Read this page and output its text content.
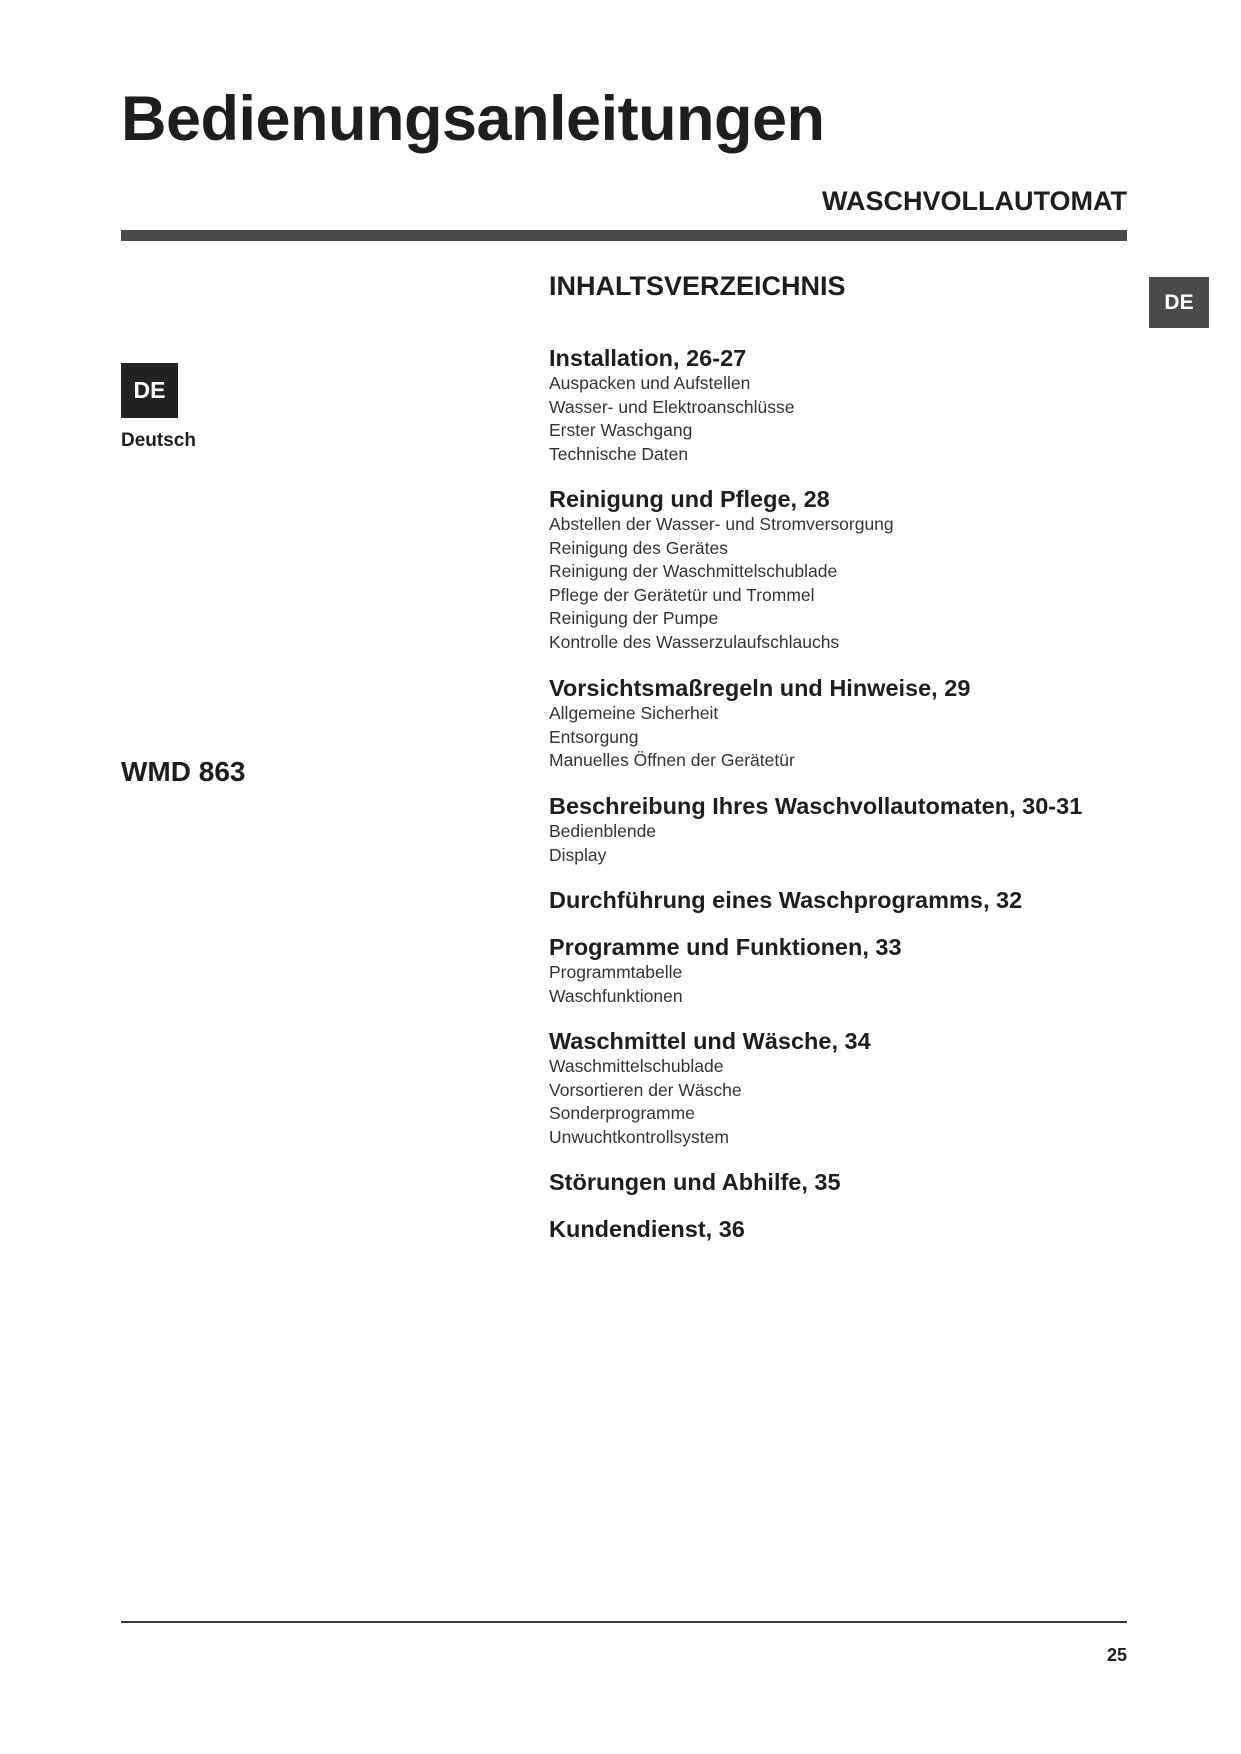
Bedienungsanleitungen
WASCHVOLLAUTOMAT
INHALTSVERZEICHNIS
DE
DE
Deutsch
WMD 863
Installation, 26-27
Auspacken und Aufstellen
Wasser- und Elektroanschlüsse
Erster Waschgang
Technische Daten
Reinigung und Pflege, 28
Abstellen der Wasser- und Stromversorgung
Reinigung des Gerätes
Reinigung der Waschmittelschublade
Pflege der Gerätetür und Trommel
Reinigung der Pumpe
Kontrolle des Wasserzulaufschlauchs
Vorsichtsmaßregeln und Hinweise, 29
Allgemeine Sicherheit
Entsorgung
Manuelles Öffnen der Gerätetür
Beschreibung Ihres Waschvollautomaten, 30-31
Bedienblende
Display
Durchführung eines Waschprogramms, 32
Programme und Funktionen, 33
Programmtabelle
Waschfunktionen
Waschmittel und Wäsche, 34
Waschmittelschublade
Vorsortieren der Wäsche
Sonderprogramme
Unwuchtkontrollsystem
Störungen und Abhilfe, 35
Kundendienst, 36
25
